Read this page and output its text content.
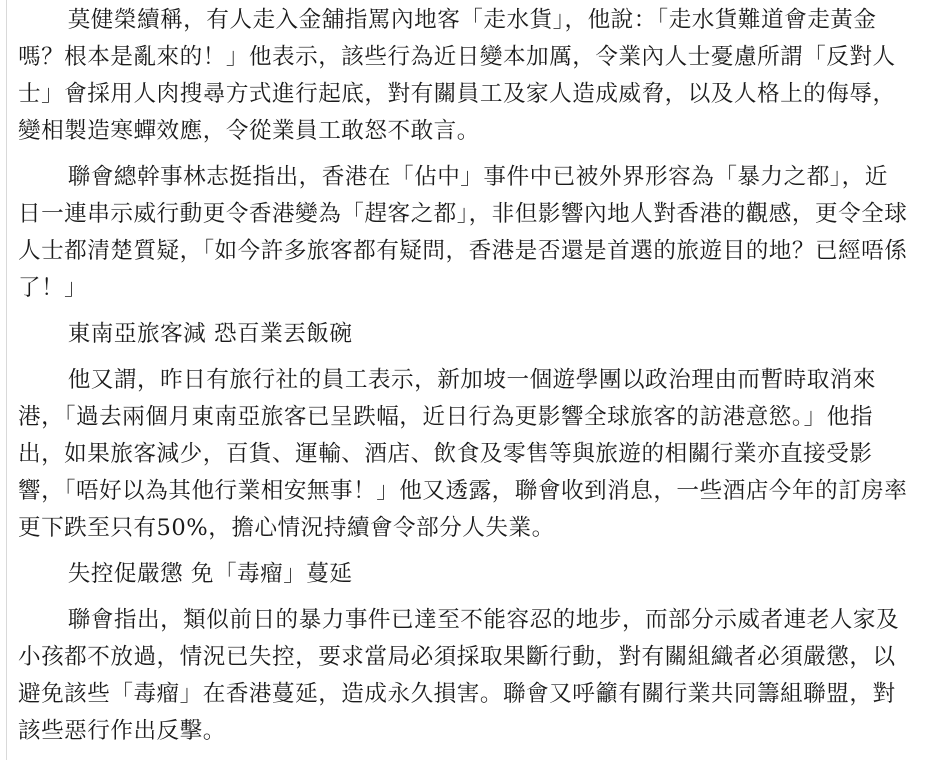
莫健榮續稱，有人走入金舖指罵內地客「走水貨」，他說：「走水貨難道會走黃金嗎？根本是亂來的！」他表示，該些行為近日變本加厲，令業內人士憂慮所謂「反對人士」會採用人肉搜尋方式進行起底，對有關員工及家人造成威脅，以及人格上的侮辱，變相製造寒蟬效應，令從業員工敢怒不敢言。

聯會總幹事林志挺指出，香港在「佔中」事件中已被外界形容為「暴力之都」，近日一連串示威行動更令香港變為「趕客之都」，非但影響內地人對香港的觀感，更令全球人士都清楚質疑，「如今許多旅客都有疑問，香港是否還是首選的旅遊目的地？已經唔係了！」

東南亞旅客減 恐百業丟飯碗

他又謂，昨日有旅行社的員工表示，新加坡一個遊學團以政治理由而暫時取消來港，「過去兩個月東南亞旅客已呈跌幅，近日行為更影響全球旅客的訪港意慾。」他指出，如果旅客減少，百貨、運輸、酒店、飲食及零售等與旅遊的相關行業亦直接受影響，「唔好以為其他行業相安無事！」他又透露，聯會收到消息，一些酒店今年的訂房率更下跌至只有50%，擔心情況持續會令部分人失業。

失控促嚴懲 免「毒瘤」蔓延

聯會指出，類似前日的暴力事件已達至不能容忍的地步，而部分示威者連老人家及小孩都不放過，情況已失控，要求當局必須採取果斷行動，對有關組織者必須嚴懲，以避免該些「毒瘤」在香港蔓延，造成永久損害。聯會又呼籲有關行業共同籌組聯盟，對該些惡行作出反擊。
